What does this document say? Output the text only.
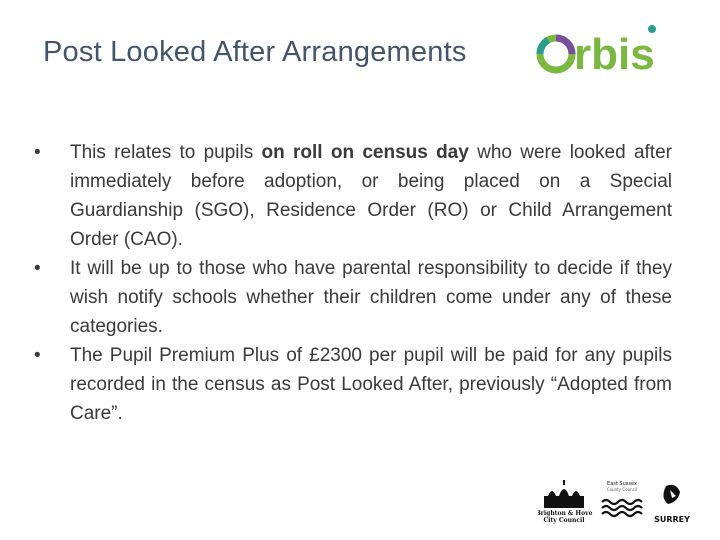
Post Looked After Arrangements rbis
•	This relates to pupils on roll on census day who were looked after immediately before adoption, or being placed on a Special Guardianship (SGO), Residence Order (RO) or Child Arrangement Order (CAO).
•	It will be up to those who have parental responsibility to decide if they wish notify schools whether their children come under any of these categories.
•	The Pupil Premium Plus of £2300 per pupil will be paid for any pupils recorded in the census as Post Looked After, previously “Adopted from Care”.
Brighton & Hove
City Council
East Sussex
County Council
SURREY
